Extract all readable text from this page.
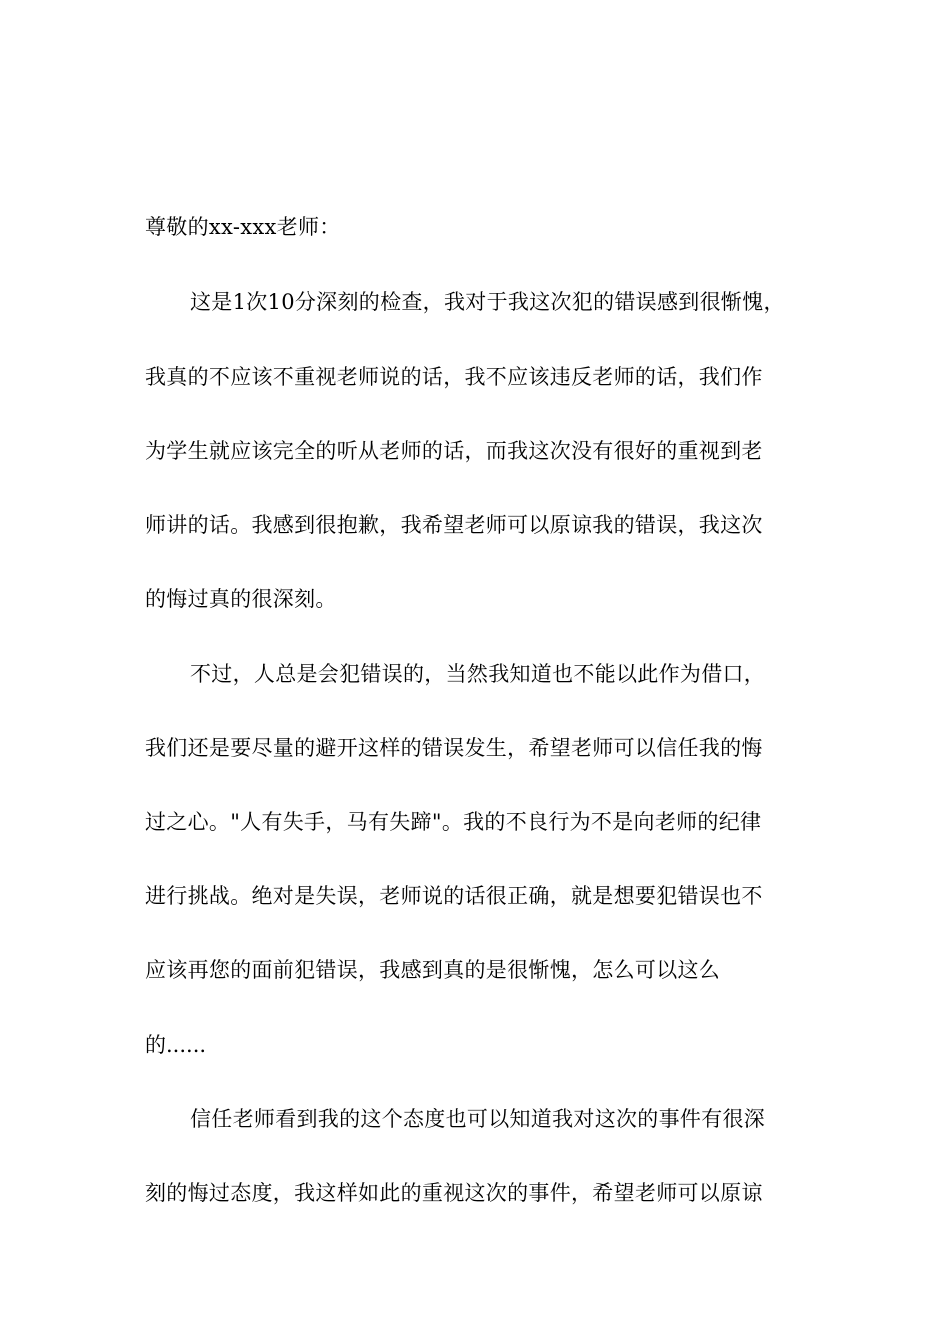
尊敬的xx-xxx老师：
这是1次10分深刻的检查，我对于我这次犯的错误感到很惭愧，
我真的不应该不重视老师说的话，我不应该违反老师的话，我们作
为学生就应该完全的听从老师的话，而我这次没有很好的重视到老
师讲的话。我感到很抱歉，我希望老师可以原谅我的错误，我这次
的悔过真的很深刻。
不过，人总是会犯错误的，当然我知道也不能以此作为借口，
我们还是要尽量的避开这样的错误发生，希望老师可以信任我的悔
过之心。"人有失手，马有失蹄"。我的不良行为不是向老师的纪律
进行挑战。绝对是失误，老师说的话很正确，就是想要犯错误也不
应该再您的面前犯错误，我感到真的是很惭愧，怎么可以这么
的......
信任老师看到我的这个态度也可以知道我对这次的事件有很深
刻的悔过态度，我这样如此的重视这次的事件，希望老师可以原谅
